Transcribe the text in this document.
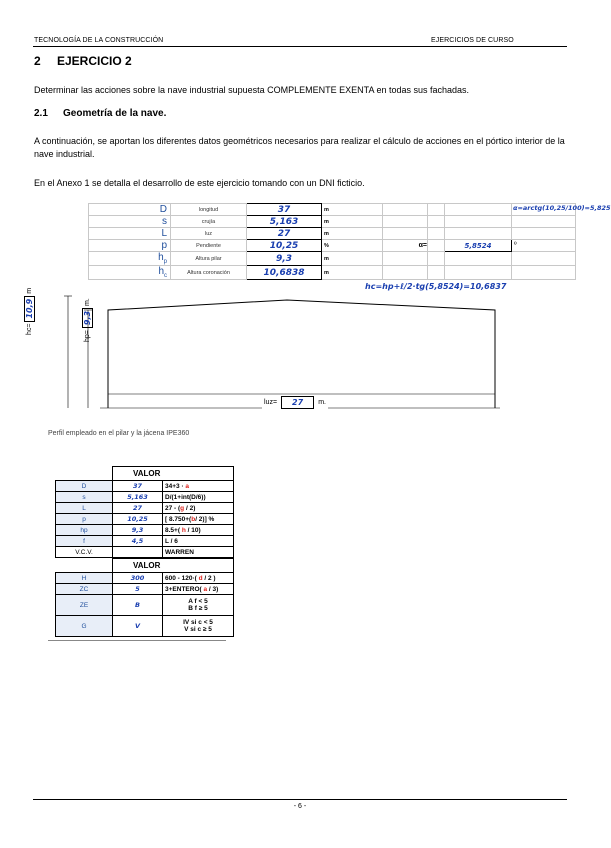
TECNOLOGÍA DE LA CONSTRUCCIÓN	EJERCICIOS DE CURSO
2 EJERCICIO 2
Determinar las acciones sobre la nave industrial supuesta COMPLEMENTE EXENTA en todas sus fachadas.
2.1 Geometría de la nave.
A continuación, se aportan los diferentes datos geométricos necesarios para realizar el cálculo de acciones en el pórtico interior de la nave industrial.
En el Anexo 1 se detalla el desarrollo de este ejercicio tomando con un DNI ficticio.
D	longitud	37	m				
s	crujía	5,163	m				
L	luz	27	m				
p	Pendiente	10,25	%	α=		5,8524	º
$h_p$	Altura pilar	9,3	m				
$h_c$	Altura coronación	10,6838	m				
α=arctg(10,25/100)=5,825
hc=hp+ℓ/2·tg(5,8524)=10,6837
hc=
10,9
m
hp=
9,3
m.
luz=	27	m.
Perfil empleado en el pilar y la jácena IPE360
	VALOR	
D	37	34+3 · a
s	5,163	D/(1+int(D/6))
L	27	27 - (g / 2)
p	10,25	[ 8.750+(b/ 2)] %
hp	9,3	8.5+( h / 10)
f	4,5	L / 6
V.C.V.		WARREN
	VALOR	
H	300	600 - 120·( d / 2 )
ZC	5	3+ENTERO( a / 3)
ZE	B	A f < 5
B f ≥ 5

G	V	IV si c < 5
V si c ≥ 5
- 6 -
